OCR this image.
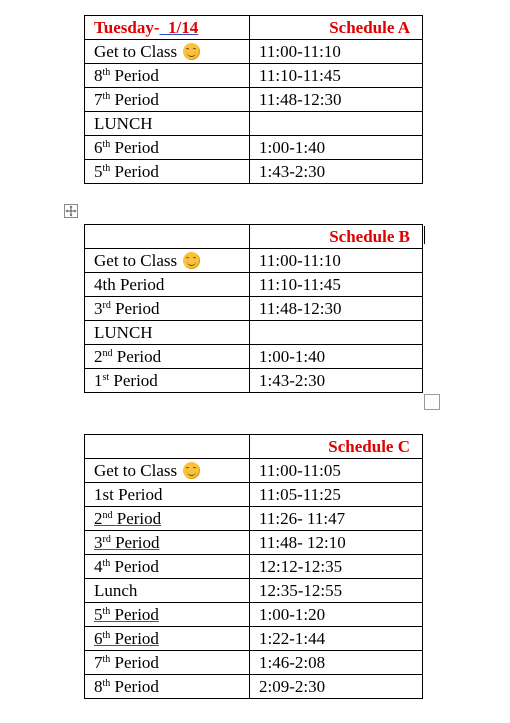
Tuesday- 1/14	Schedule A
Get to Class	11:00-11:10
8th Period	11:10-11:45
7th Period	11:48-12:30
LUNCH	
6th Period	1:00-1:40
5th Period	1:43-2:30
	Schedule B
Get to Class	11:00-11:10
4th Period	11:10-11:45
3rd Period	11:48-12:30
LUNCH	
2nd Period	1:00-1:40
1st Period	1:43-2:30
	Schedule C
Get to Class	11:00-11:05
1st Period	11:05-11:25
2nd Period	11:26- 11:47
3rd Period	11:48- 12:10
4th Period	12:12-12:35
Lunch	12:35-12:55
5th Period	1:00-1:20
6th Period	1:22-1:44
7th Period	1:46-2:08
8th Period	2:09-2:30
